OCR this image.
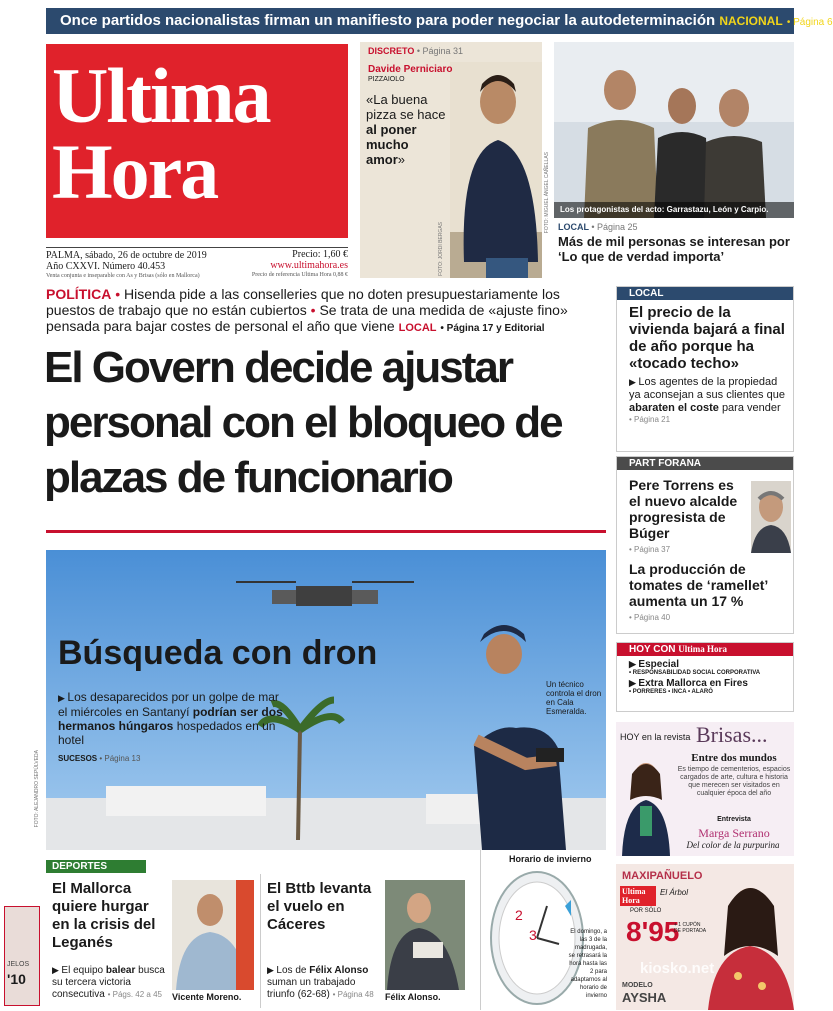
Once partidos nacionalistas firman un manifiesto para poder negociar la autodeterminación NACIONAL • Página 6
Ultima
Hora
PALMA, sábado, 26 de octubre de 2019
Año CXXVI. Número 40.453
Venta conjunta e inseparable con As y Brisas (sólo en Mallorca)
Precio: 1,60 €
www.ultimahora.es
Precio de referencia Ultima Hora 0,88 €
DISCRETO • Página 31
Davide Perniciaro
PIZZAIOLO
«La buena pizza se hace al poner mucho amor»
FOTO: JORDI BERGAS
Los protagonistas del acto: Garrastazu, León y Carpio.
FOTO: MIGUEL ÁNGEL CAÑELLAS LOCAL • Página 25
Más de mil personas se interesan por ‘Lo que de verdad importa’
POLÍTICA • Hisenda pide a las conselleries que no doten presupuestariamente los puestos de trabajo que no están cubiertos • Se trata de una medida de «ajuste fino» pensada para bajar costes de personal el año que viene LOCAL • Página 17 y Editorial
El Govern decide ajustar personal con el bloqueo de plazas de funcionario
Búsqueda con dron
▶ Los desaparecidos por un golpe de mar el miércoles en Santanyí podrían ser dos hermanos húngaros hospedados en un hotel
SUCESOS • Página 13
Un técnico controla el dron en Cala Esmeralda.
FOTO: ALEJANDRO SEPÚLVEDA
LOCAL
El precio de la vivienda bajará a final de año porque ha «tocado techo»
▶ Los agentes de la propiedad ya aconsejan a sus clientes que abaraten el coste para vender
• Página 21
PART FORANA
Pere Torrens es el nuevo alcalde progresista de Búger
• Página 37
La producción de tomates de ‘ramellet’ aumenta un 17 %
• Página 40
HOY CON Ultima Hora
▶ Especial
• RESPONSABILIDAD SOCIAL CORPORATIVA
▶ Extra Mallorca en Fires
• PORRERES • INCA • ALARÓ
HOY en la revista Brisas...
Entre dos mundos
Es tiempo de cementerios, espacios cargados de arte, cultura e historia que merecen ser visitados en cualquier época del año
Entrevista
Marga Serrano
Del color de la purpurina
DEPORTES
El Mallorca quiere hurgar en la crisis del Leganés
▶ El equipo balear busca su tercera victoria consecutiva • Págs. 42 a 45	Vicente Moreno.
El Bttb levanta el vuelo en Cáceres
▶ Los de Félix Alonso suman un trabajado triunfo (62-68) • Página 48	Félix Alonso.
Horario de invierno
2
3	El domingo, a las 3 de la madrugada, se retrasará la hora hasta las 2 para adaptarnos al horario de invierno
MAXIPAÑUELO
Ultima Hora
El Árbol
POR SÓLO
8'95
+ 1 CUPÓN DE PORTADA
MODELO
AYSHA
kiosko.net
JELOS
'10
